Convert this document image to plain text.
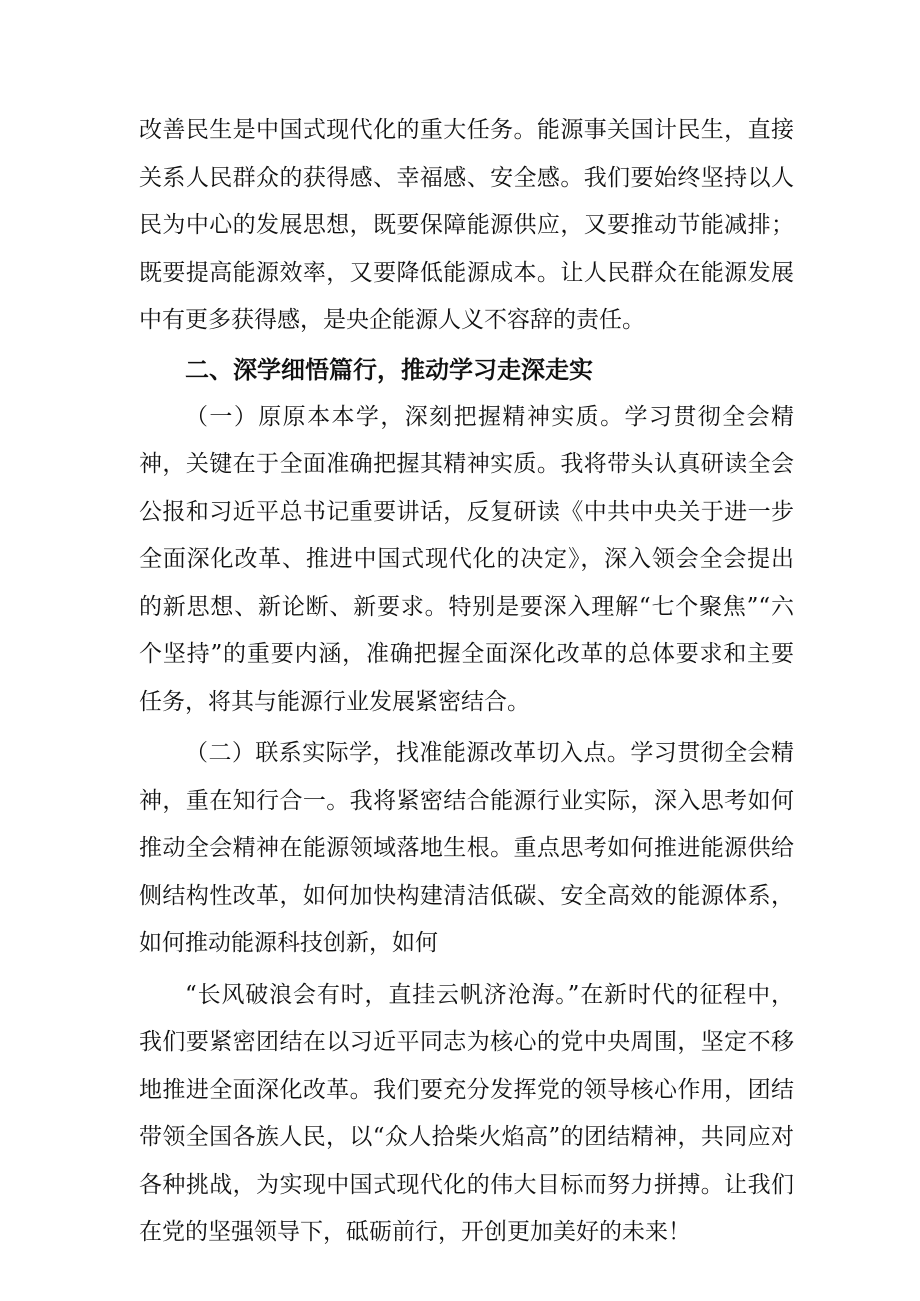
改善民生是中国式现代化的重大任务。能源事关国计民生，直接关系人民群众的获得感、幸福感、安全感。我们要始终坚持以人民为中心的发展思想，既要保障能源供应，又要推动节能减排；既要提高能源效率，又要降低能源成本。让人民群众在能源发展中有更多获得感，是央企能源人义不容辞的责任。

二、深学细悟篇行，推动学习走深走实

（一）原原本本学，深刻把握精神实质。学习贯彻全会精神，关键在于全面准确把握其精神实质。我将带头认真研读全会公报和习近平总书记重要讲话，反复研读《中共中央关于进一步全面深化改革、推进中国式现代化的决定》，深入领会全会提出的新思想、新论断、新要求。特别是要深入理解“七个聚焦”“六个坚持”的重要内涵，准确把握全面深化改革的总体要求和主要任务，将其与能源行业发展紧密结合。

（二）联系实际学，找准能源改革切入点。学习贯彻全会精神，重在知行合一。我将紧密结合能源行业实际，深入思考如何推动全会精神在能源领域落地生根。重点思考如何推进能源供给侧结构性改革，如何加快构建清洁低碳、安全高效的能源体系，如何推动能源科技创新，如何

“长风破浪会有时，直挂云帆济沧海。”在新时代的征程中，我们要紧密团结在以习近平同志为核心的党中央周围，坚定不移地推进全面深化改革。我们要充分发挥党的领导核心作用，团结带领全国各族人民，以“众人拾柴火焰高”的团结精神，共同应对各种挑战，为实现中国式现代化的伟大目标而努力拼搏。让我们在党的坚强领导下，砥砺前行，开创更加美好的未来！
